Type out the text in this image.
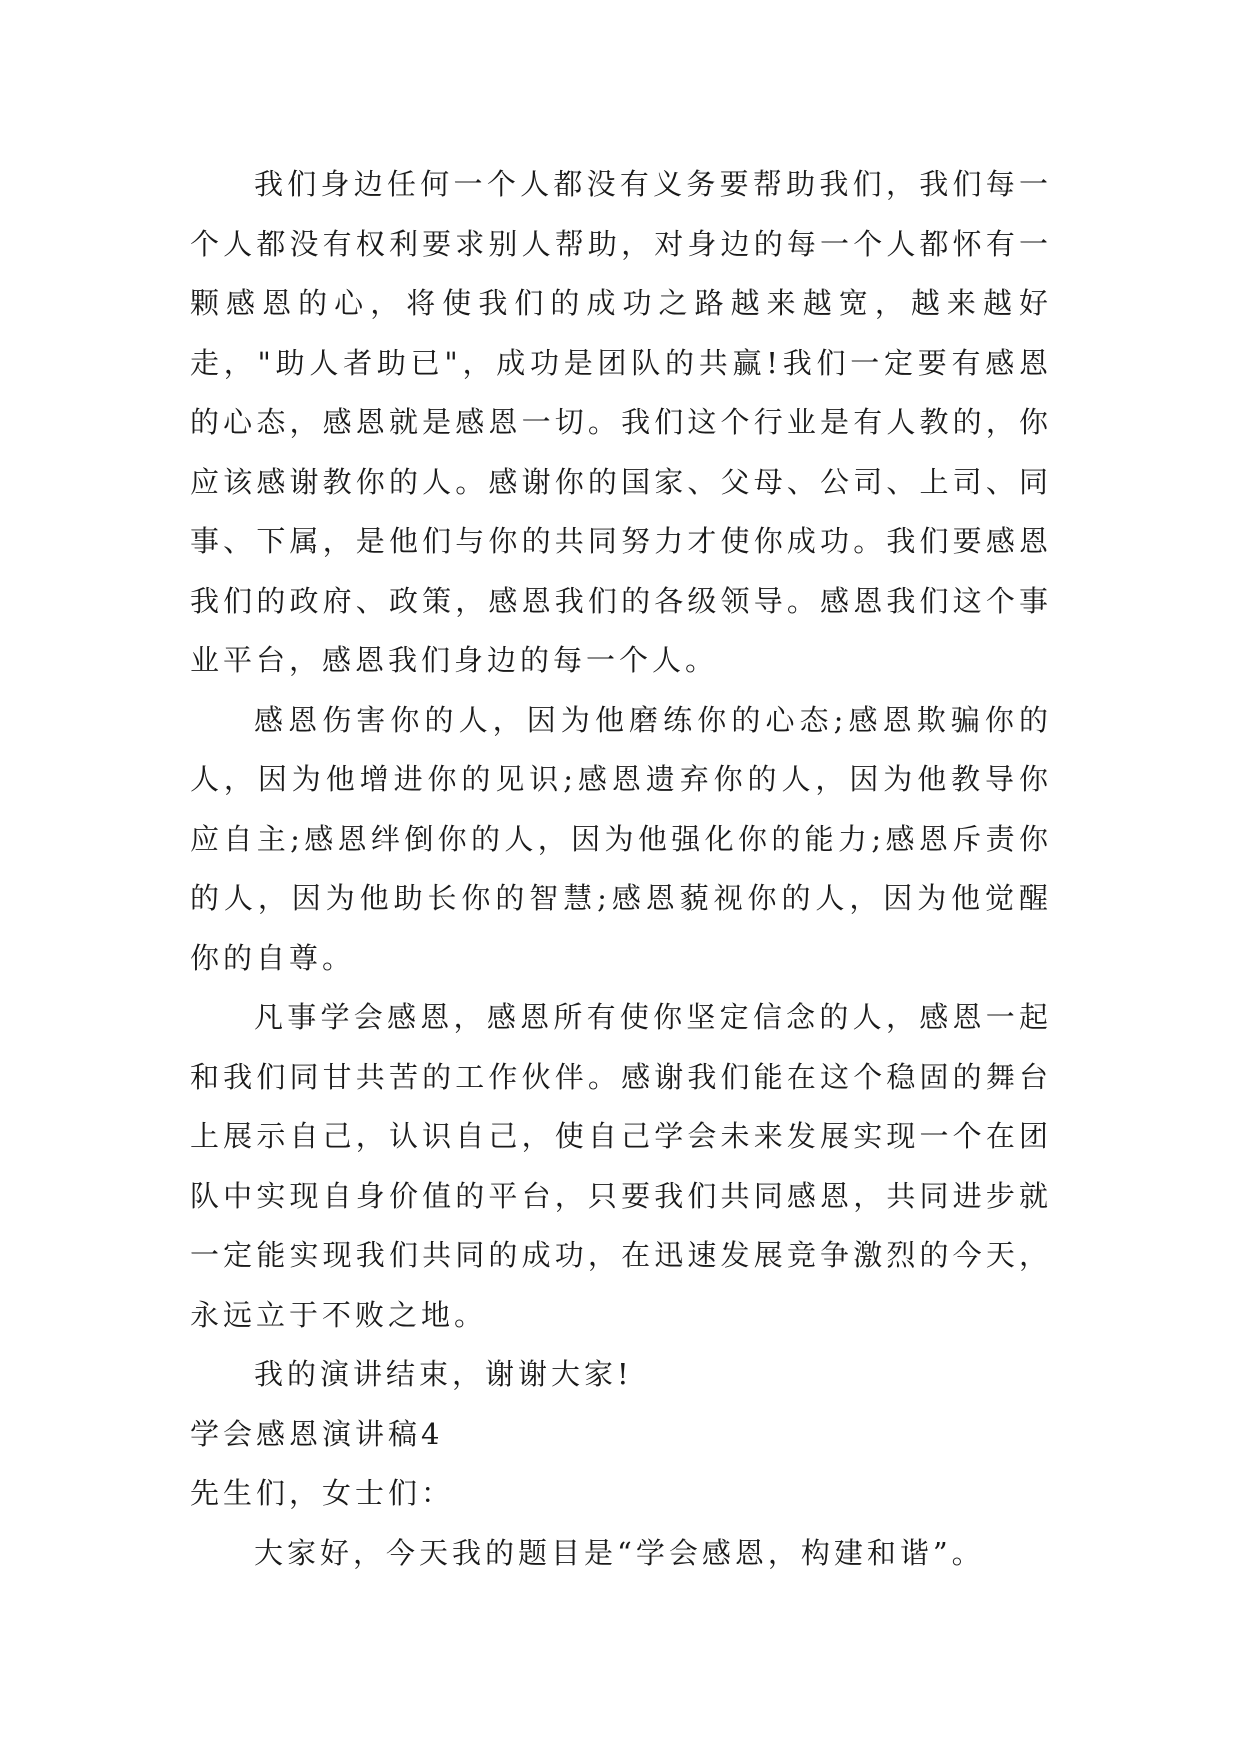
我们身边任何一个人都没有义务要帮助我们，我们每一个人都没有权利要求别人帮助，对身边的每一个人都怀有一颗感恩的心，将使我们的成功之路越来越宽，越来越好走，"助人者助已"，成功是团队的共赢!我们一定要有感恩的心态，感恩就是感恩一切。我们这个行业是有人教的，你应该感谢教你的人。感谢你的国家、父母、公司、上司、同事、下属，是他们与你的共同努力才使你成功。我们要感恩我们的政府、政策，感恩我们的各级领导。感恩我们这个事业平台，感恩我们身边的每一个人。

感恩伤害你的人，因为他磨练你的心态;感恩欺骗你的人，因为他增进你的见识;感恩遗弃你的人，因为他教导你应自主;感恩绊倒你的人，因为他强化你的能力;感恩斥责你的人，因为他助长你的智慧;感恩藐视你的人，因为他觉醒你的自尊。

凡事学会感恩，感恩所有使你坚定信念的人，感恩一起和我们同甘共苦的工作伙伴。感谢我们能在这个稳固的舞台上展示自己，认识自己，使自己学会未来发展实现一个在团队中实现自身价值的平台，只要我们共同感恩，共同进步就一定能实现我们共同的成功，在迅速发展竞争激烈的今天，永远立于不败之地。

我的演讲结束，谢谢大家!

学会感恩演讲稿4

先生们，女士们：

大家好，今天我的题目是“学会感恩，构建和谐”。
